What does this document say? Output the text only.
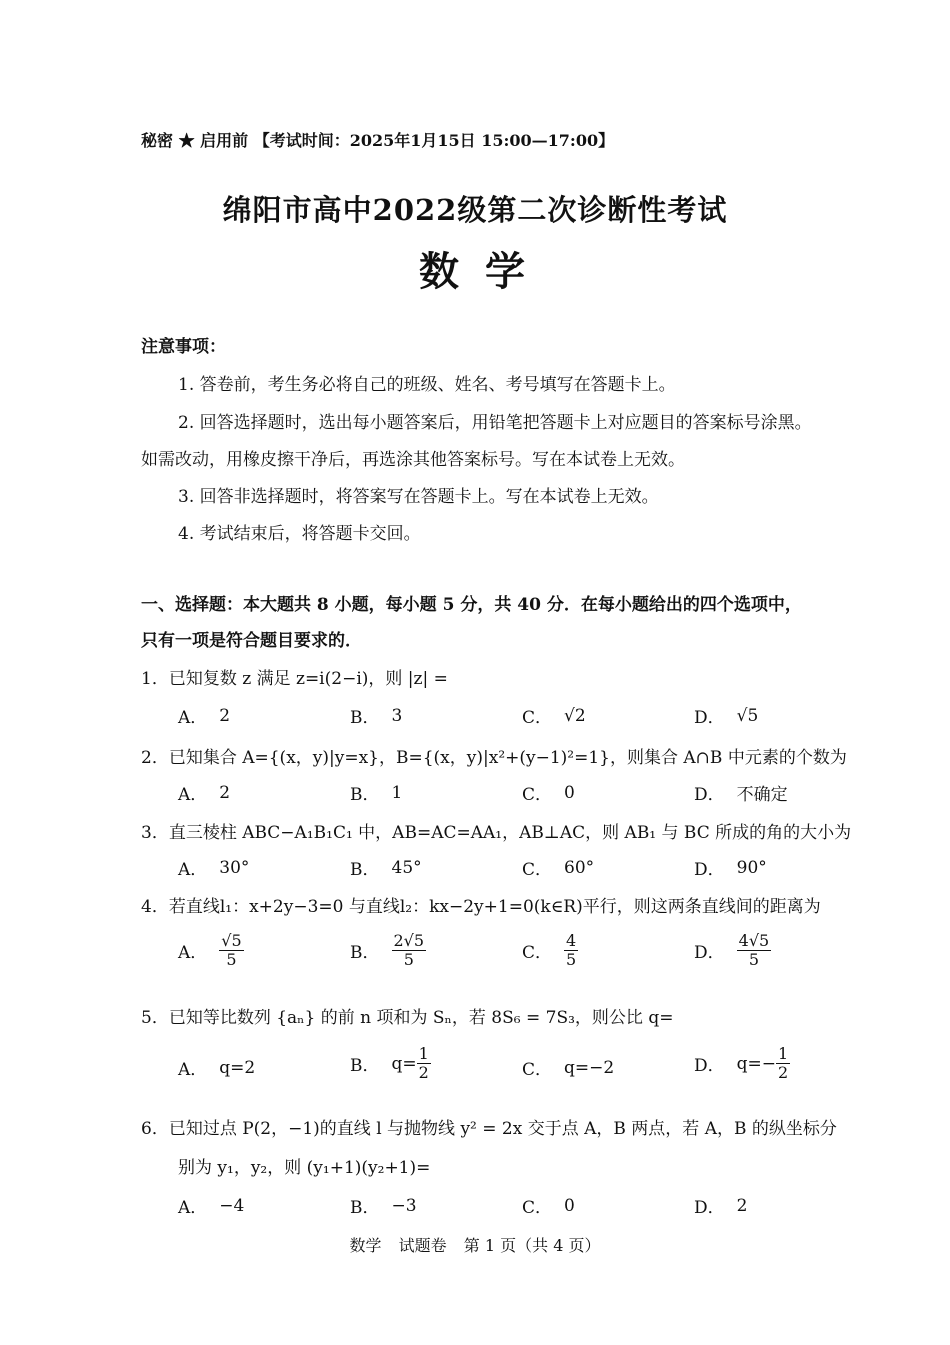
秘密 ★ 启用前 【考试时间：2025年1月15日 15:00—17:00】
绵阳市高中2022级第二次诊断性考试
数学
注意事项：
1. 答卷前，考生务必将自己的班级、姓名、考号填写在答题卡上。
2. 回答选择题时，选出每小题答案后，用铅笔把答题卡上对应题目的答案标号涂黑。
如需改动，用橡皮擦干净后，再选涂其他答案标号。写在本试卷上无效。
3. 回答非选择题时，将答案写在答题卡上。写在本试卷上无效。
4. 考试结束后，将答题卡交回。
一、选择题：本大题共 8 小题，每小题 5 分，共 40 分．在每小题给出的四个选项中，
只有一项是符合题目要求的．
1．已知复数 z 满足 z=i(2−i)，则 |z| =
A． 2	B． 3	C． √2	D． √5
2．已知集合 A={(x，y)|y=x}，B={(x，y)|x²+(y−1)²=1}，则集合 A∩B 中元素的个数为
A． 2	B． 1	C． 0	D． 不确定
3．直三棱柱 ABC−A₁B₁C₁ 中，AB=AC=AA₁，AB⊥AC，则 AB₁ 与 BC 所成的角的大小为
A． 30°	B． 45°	C． 60°	D． 90°
4．若直线l₁：x+2y−3=0 与直线l₂：kx−2y+1=0(k∈R)平行，则这两条直线间的距离为
A． $\frac{√5}{5}$	B． $\frac{2√5}{5}$	C． $\frac{4}{5}$	D． $\frac{4√5}{5}$
5．已知等比数列 {aₙ} 的前 n 项和为 Sₙ，若 8S₆ = 7S₃，则公比 q=
A． q=2	B． $q= \frac{1}{2}$	C． q=−2	D． $q=- \frac{1}{2}$
6．已知过点 P(2，−1)的直线 l 与抛物线 y² = 2x 交于点 A，B 两点，若 A，B 的纵坐标分
别为 y₁，y₂，则 (y₁+1)(y₂+1)=
A． −4	B． −3	C． 0	D． 2
数学 试题卷 第 1 页（共 4 页）
